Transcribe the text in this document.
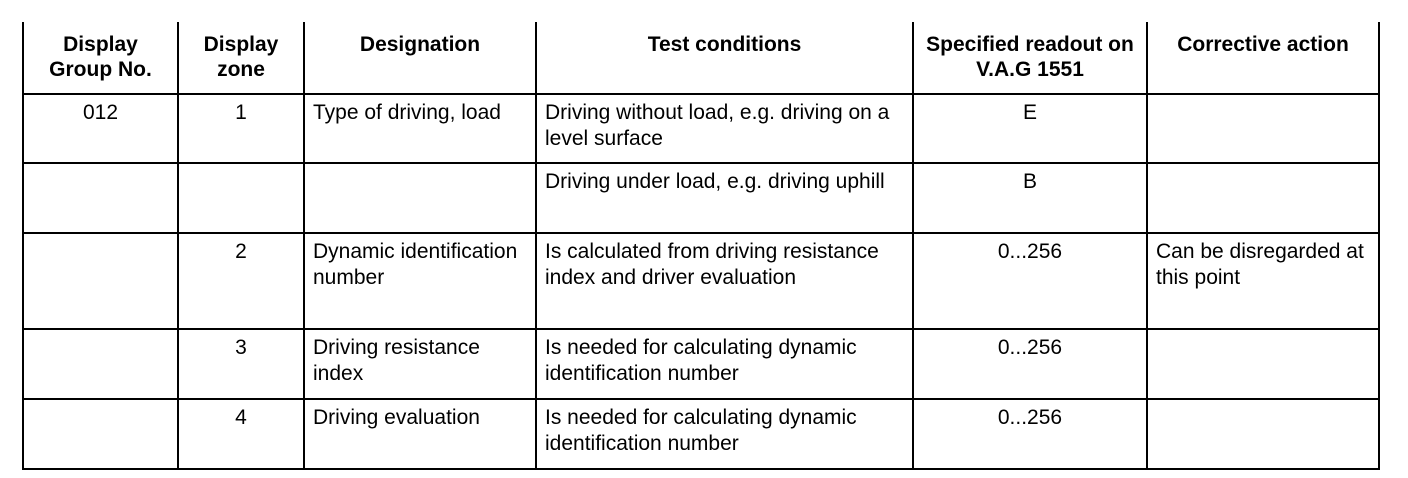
Display Group No.	Display zone	Designation	Test conditions	Specified readout on V.A.G 1551	Corrective action
012	1	Type of driving, load	Driving without load, e.g. driving on a level surface	E	
			Driving under load, e.g. driving uphill	B	
	2	Dynamic identification number	Is calculated from driving resistance index and driver evaluation	0...256	Can be disregarded at this point
	3	Driving resistance index	Is needed for calculating dynamic identification number	0...256	
	4	Driving evaluation	Is needed for calculating dynamic identification number	0...256	
